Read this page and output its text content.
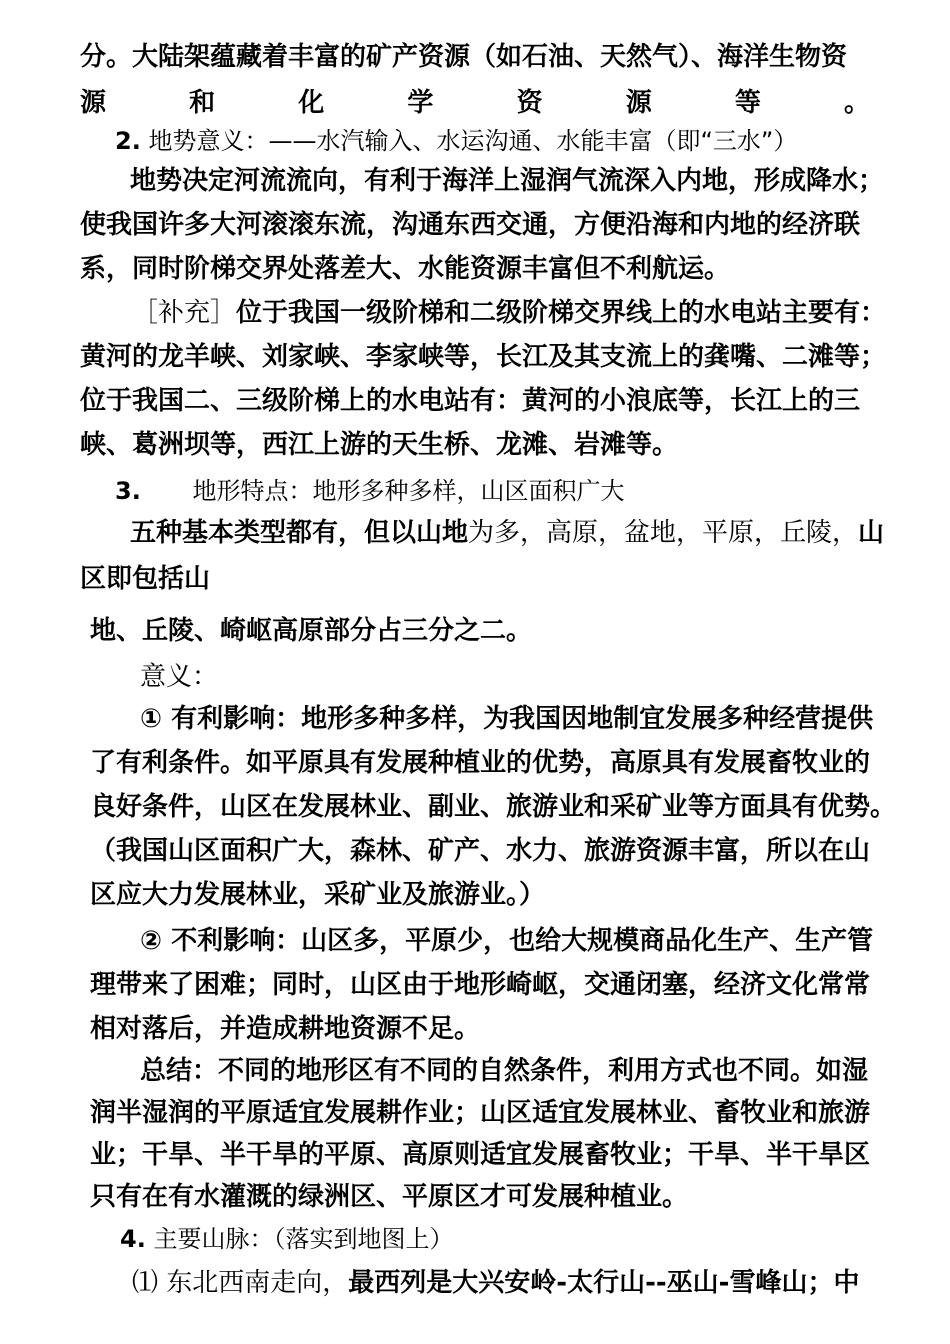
分。大陆架蕴藏着丰富的矿产资源（如石油、天然气）、海洋生物资
源	和	化	学	资	源	等	。
2. 地势意义：——水汽输入、水运沟通、水能丰富（即“三水”）
地势决定河流流向，有利于海洋上湿润气流深入内地，形成降水；
使我国许多大河滚滚东流，沟通东西交通，方便沿海和内地的经济联
系，同时阶梯交界处落差大、水能资源丰富但不利航运。
［补充］位于我国一级阶梯和二级阶梯交界线上的水电站主要有：
黄河的龙羊峡、刘家峡、李家峡等，长江及其支流上的龚嘴、二滩等；
位于我国二、三级阶梯上的水电站有：黄河的小浪底等，长江上的三
峡、葛洲坝等，西江上游的天生桥、龙滩、岩滩等。
3. 地形特点：地形多种多样，山区面积广大
五种基本类型都有，但以山地为多，高原，盆地，平原，丘陵，山
区即包括山
地、丘陵、崎岖高原部分占三分之二。
意义：
① 有利影响：地形多种多样，为我国因地制宜发展多种经营提供
了有利条件。如平原具有发展种植业的优势，高原具有发展畜牧业的
良好条件，山区在发展林业、副业、旅游业和采矿业等方面具有优势。
（我国山区面积广大，森林、矿产、水力、旅游资源丰富，所以在山
区应大力发展林业，采矿业及旅游业。）
② 不利影响：山区多，平原少，也给大规模商品化生产、生产管
理带来了困难；同时，山区由于地形崎岖，交通闭塞，经济文化常常
相对落后，并造成耕地资源不足。
总结：不同的地形区有不同的自然条件，利用方式也不同。如湿
润半湿润的平原适宜发展耕作业；山区适宜发展林业、畜牧业和旅游
业；干旱、半干旱的平原、高原则适宜发展畜牧业；干旱、半干旱区
只有在有水灌溉的绿洲区、平原区才可发展种植业。
4. 主要山脉：（落实到地图上）
⑴ 东北西南走向，最西列是大兴安岭-太行山--巫山-雪峰山；中
